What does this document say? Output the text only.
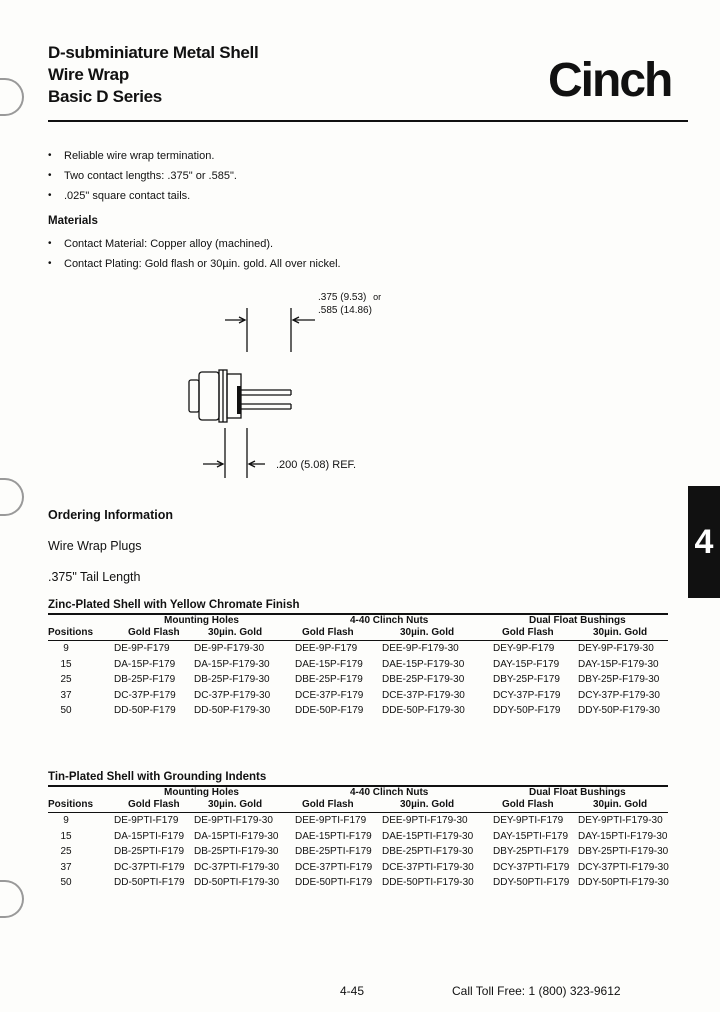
D-subminiature Metal Shell
Wire Wrap
Basic D Series	Cinch
• Reliable wire wrap termination.
• Two contact lengths: .375" or .585".
• .025" square contact tails.
Materials
• Contact Material: Copper alloy (machined).
• Contact Plating: Gold flash or 30µin. gold. All over nickel.
.375 (9.53) or
.585 (14.86)
.200 (5.08) REF.
4
Ordering Information
Wire Wrap Plugs
.375" Tail Length
Zinc-Plated Shell with Yellow Chromate Finish
Mounting Holes	4-40 Clinch Nuts	Dual Float Bushings
Positions	Gold Flash	30µin. Gold	Gold Flash	30µin. Gold	Gold Flash	30µin. Gold
9	DE-9P-F179 DE-9P-F179-30	DEE-9P-F179 DEE-9P-F179-30	DEY-9P-F179 DEY-9P-F179-30
15	DA-15P-F179 DA-15P-F179-30	DAE-15P-F179 DAE-15P-F179-30	DAY-15P-F179 DAY-15P-F179-30
25	DB-25P-F179 DB-25P-F179-30	DBE-25P-F179 DBE-25P-F179-30	DBY-25P-F179 DBY-25P-F179-30
37	DC-37P-F179 DC-37P-F179-30 DCE-37P-F179 DCE-37P-F179-30	DCY-37P-F179 DCY-37P-F179-30
50	DD-50P-F179 DD-50P-F179-30 DDE-50P-F179 DDE-50P-F179-30	DDY-50P-F179 DDY-50P-F179-30
Tin-Plated Shell with Grounding Indents
Mounting Holes	4-40 Clinch Nuts	Dual Float Bushings
Positions	Gold Flash	30µin. Gold	Gold Flash	30µin. Gold	Gold Flash	30µin. Gold
9	DE-9PTI-F179 DE-9PTI-F179-30 DEE-9PTI-F179 DEE-9PTI-F179-30	DEY-9PTI-F179 DEY-9PTI-F179-30
15	DA-15PTI-F179 DA-15PTI-F179-30 DAE-15PTI-F179 DAE-15PTI-F179-30 DAY-15PTI-F179 DAY-15PTI-F179-30
25	DB-25PTI-F179 DB-25PTI-F179-30 DBE-25PTI-F179 DBE-25PTI-F179-30 DBY-25PTI-F179 DBY-25PTI-F179-30
37	DC-37PTI-F179 DC-37PTI-F179-30 DCE-37PTI-F179 DCE-37PTI-F179-30 DCY-37PTI-F179 DCY-37PTI-F179-30
50	DD-50PTI-F179 DD-50PTI-F179-30 DDE-50PTI-F179 DDE-50PTI-F179-30 DDY-50PTI-F179 DDY-50PTI-F179-30
4-45	Call Toll Free: 1 (800) 323-9612
